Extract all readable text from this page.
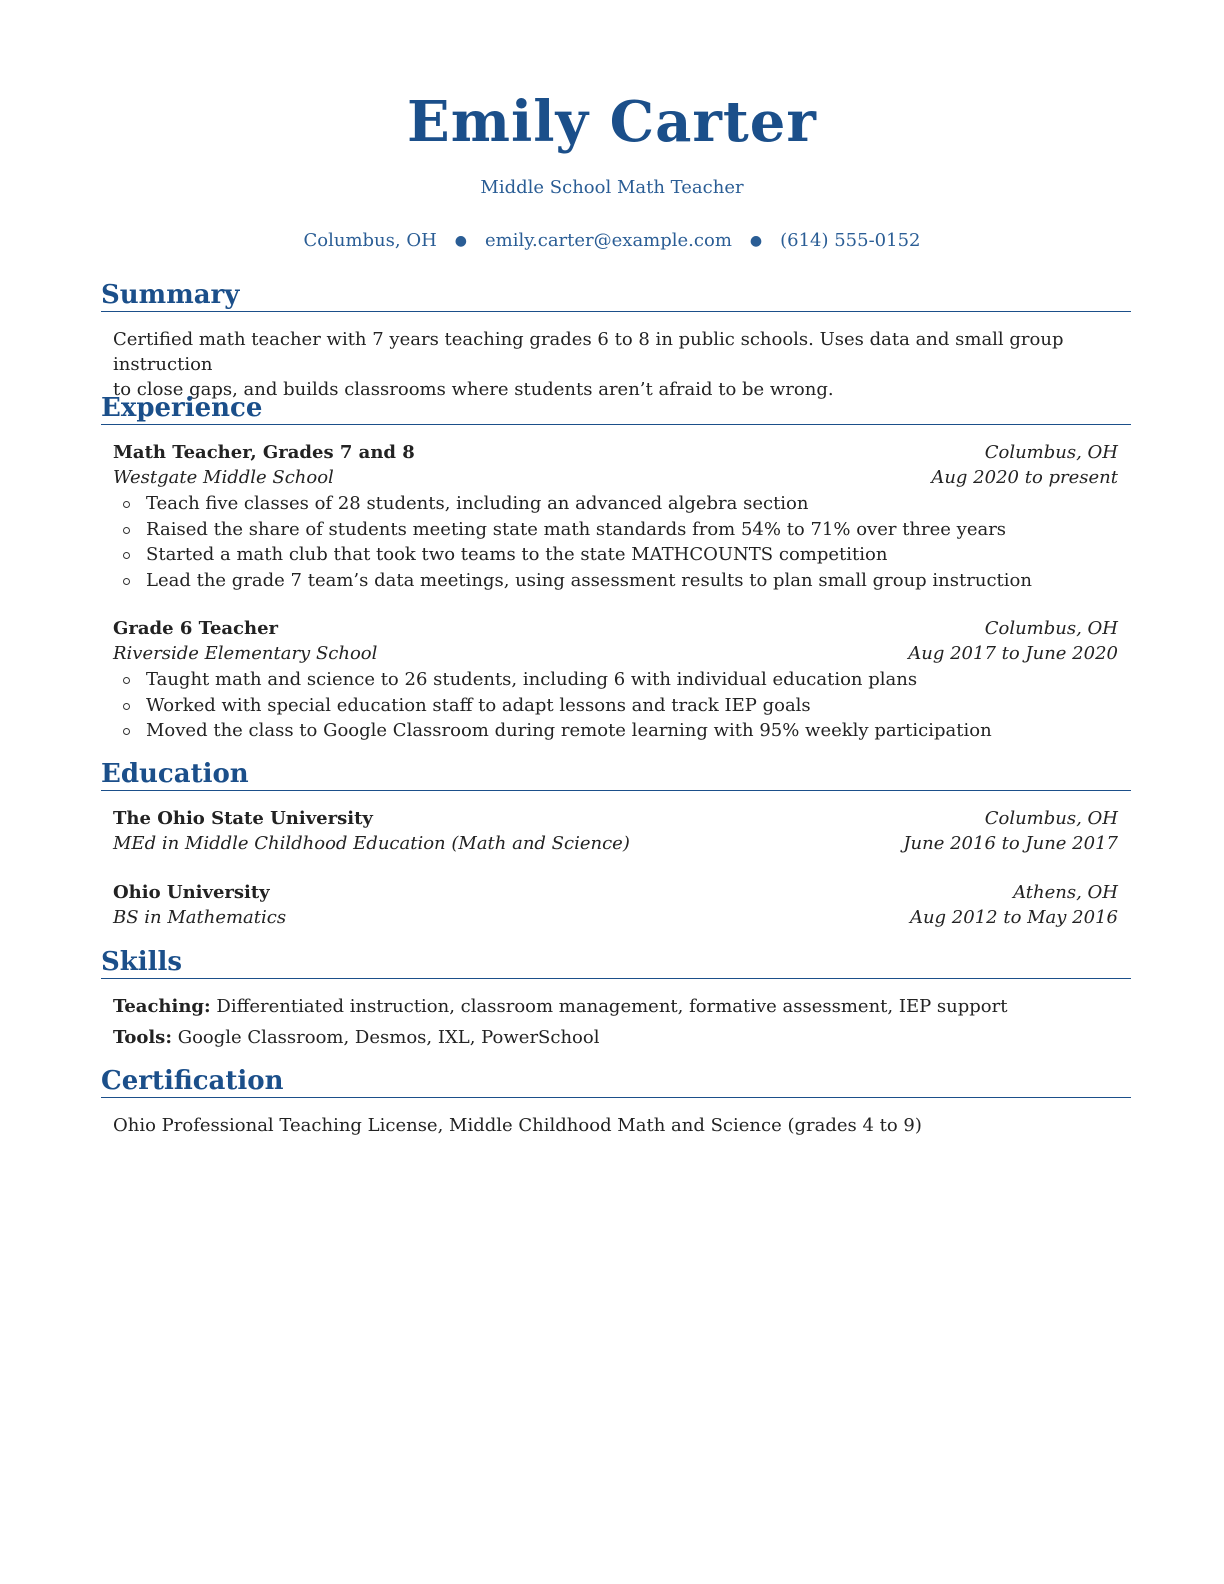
Emily Carter
Middle School Math Teacher
Columbus, OH ● emily.carter@example.com ● (614) 555-0152
Summary
Certified math teacher with 7 years teaching grades 6 to 8 in public schools. Uses data and small group instruction
to close gaps, and builds classrooms where students aren’t afraid to be wrong.
Experience
Math Teacher, Grades 7 and 8	Columbus, OH
Westgate Middle School	Aug 2020 to present
Teach five classes of 28 students, including an advanced algebra section
Raised the share of students meeting state math standards from 54% to 71% over three years
Started a math club that took two teams to the state MATHCOUNTS competition
Lead the grade 7 team’s data meetings, using assessment results to plan small group instruction
Grade 6 Teacher	Columbus, OH
Riverside Elementary School	Aug 2017 to June 2020
Taught math and science to 26 students, including 6 with individual education plans
Worked with special education staff to adapt lessons and track IEP goals
Moved the class to Google Classroom during remote learning with 95% weekly participation
Education
The Ohio State University	Columbus, OH
MEd in Middle Childhood Education (Math and Science)	June 2016 to June 2017
Ohio University	Athens, OH
BS in Mathematics	Aug 2012 to May 2016
Skills
Teaching: Differentiated instruction, classroom management, formative assessment, IEP support
Tools: Google Classroom, Desmos, IXL, PowerSchool
Certification
Ohio Professional Teaching License, Middle Childhood Math and Science (grades 4 to 9)
